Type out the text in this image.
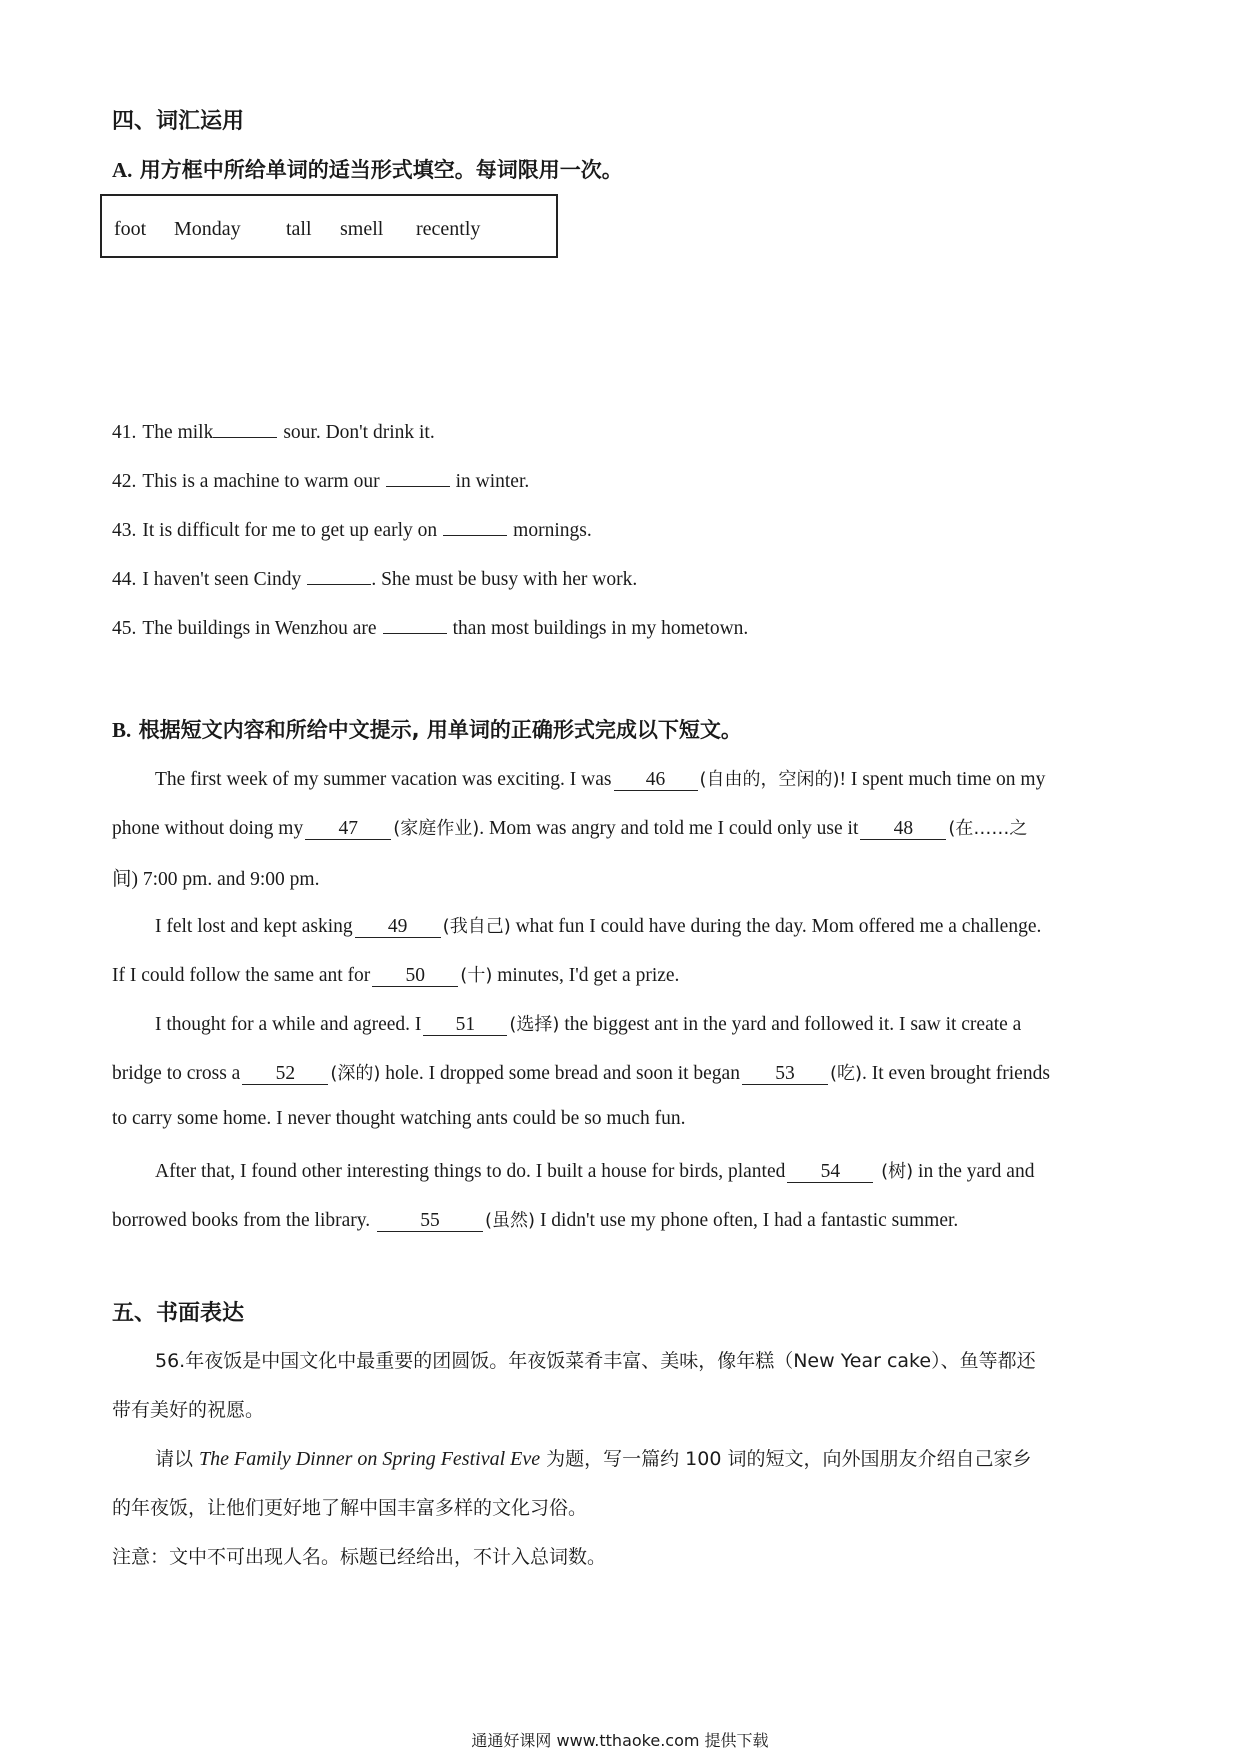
四、词汇运用
A. 用方框中所给单词的适当形式填空。每词限用一次。
foot Monday tall smell recently
41. The milk	sour. Don't drink it.
42. This is a machine to warm our	in winter.
43. It is difficult for me to get up early on	mornings.
44. I haven't seen Cindy	. She must be busy with her work.
45. The buildings in Wenzhou are	than most buildings in my hometown.
B. 根据短文内容和所给中文提示, 用单词的正确形式完成以下短文。
The first week of my summer vacation was exciting. I was 46 (自由的，空闲的)! I spent much time on my
phone without doing my 47 (家庭作业). Mom was angry and told me I could only use it 48 (在……之
间) 7:00 pm. and 9:00 pm.
I felt lost and kept asking 49 (我自己) what fun I could have during the day. Mom offered me a challenge.
If I could follow the same ant for 50 (十) minutes, I'd get a prize.
I thought for a while and agreed. I 51 (选择) the biggest ant in the yard and followed it. I saw it create a
bridge to cross a 52 (深的) hole. I dropped some bread and soon it began 53 (吃). It even brought friends
to carry some home. I never thought watching ants could be so much fun.
After that, I found other interesting things to do. I built a house for birds, planted 54 (树) in the yard and
borrowed books from the library. 55	(虽然) I didn't use my phone often, I had a fantastic summer.
五、书面表达
56.年夜饭是中国文化中最重要的团圆饭。年夜饭菜肴丰富、美味，像年糕（New Year cake）、鱼等都还
带有美好的祝愿。
请以 The Family Dinner on Spring Festival Eve 为题，写一篇约 100 词的短文，向外国朋友介绍自己家乡
的年夜饭，让他们更好地了解中国丰富多样的文化习俗。
注意：文中不可出现人名。标题已经给出，不计入总词数。
通通好课网 www.tthaoke.com 提供下载
